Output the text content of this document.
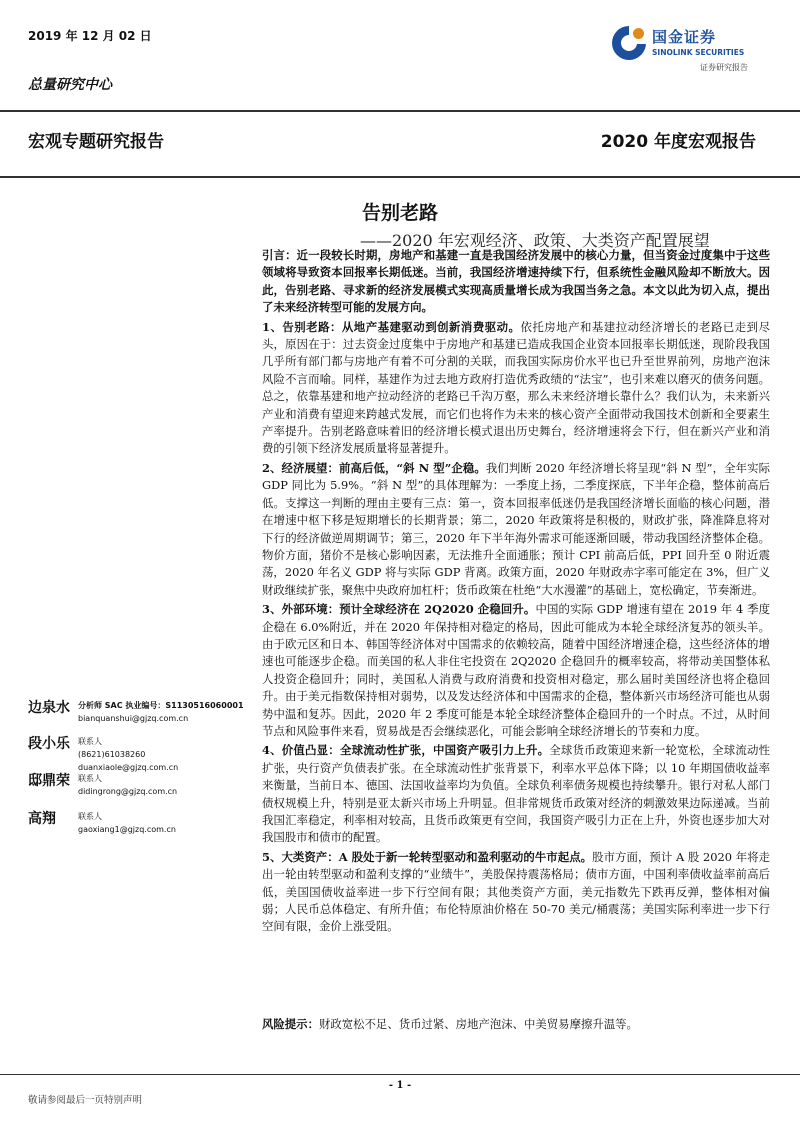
2019 年 12 月 02 日	国金证券
SINOLINK SECURITIES
证券研究报告
总量研究中心
宏观专题研究报告	2020 年度宏观报告
告别老路
——2020 年宏观经济、政策、大类资产配置展望

引言：近一段较长时期，房地产和基建一直是我国经济发展中的核心力量，但当资金过度集中于这些领域将导致资本回报率长期低迷。当前，我国经济增速持续下行，但系统性金融风险却不断放大。因此，告别老路、寻求新的经济发展模式实现高质量增长成为我国当务之急。本文以此为切入点，提出了未来经济转型可能的发展方向。

1、告别老路：从地产基建驱动到创新消费驱动。依托房地产和基建拉动经济增长的老路已走到尽头，原因在于：过去资金过度集中于房地产和基建已造成我国企业资本回报率长期低迷，现阶段我国几乎所有部门都与房地产有着不可分割的关联，而我国实际房价水平也已升至世界前列，房地产泡沫风险不言而喻。同样，基建作为过去地方政府打造优秀政绩的“法宝”，也引来难以磨灭的债务问题。总之，依靠基建和地产拉动经济的老路已千沟万壑，那么未来经济增长靠什么？我们认为，未来新兴产业和消费有望迎来跨越式发展，而它们也将作为未来的核心资产全面带动我国技术创新和全要素生产率提升。告别老路意味着旧的经济增长模式退出历史舞台，经济增速将会下行，但在新兴产业和消费的引领下经济发展质量将显著提升。

2、经济展望：前高后低，“斜 N 型”企稳。我们判断 2020 年经济增长将呈现“斜 N 型”，全年实际 GDP 同比为 5.9%。“斜 N 型”的具体理解为：一季度上扬，二季度探底，下半年企稳，整体前高后低。支撑这一判断的理由主要有三点：第一，资本回报率低迷仍是我国经济增长面临的核心问题，潜在增速中枢下移是短期增长的长期背景；第二，2020 年政策将是积极的，财政扩张，降准降息将对下行的经济做逆周期调节；第三，2020 年下半年海外需求可能逐渐回暖，带动我国经济整体企稳。物价方面，猪价不是核心影响因素，无法推升全面通胀；预计 CPI 前高后低，PPI 回升至 0 附近震荡，2020 年名义 GDP 将与实际 GDP 背离。政策方面，2020 年财政赤字率可能定在 3%，但广义财政继续扩张，聚焦中央政府加杠杆；货币政策在杜绝“大水漫灌”的基础上，宽松确定，节奏渐进。

3、外部环境：预计全球经济在 2Q2020 企稳回升。中国的实际 GDP 增速有望在 2019 年 4 季度企稳在 6.0%附近，并在 2020 年保持相对稳定的格局，因此可能成为本轮全球经济复苏的领头羊。由于欧元区和日本、韩国等经济体对中国需求的依赖较高，随着中国经济增速企稳，这些经济体的增速也可能逐步企稳。而美国的私人非住宅投资在 2Q2020 企稳回升的概率较高，将带动美国整体私人投资企稳回升；同时，美国私人消费与政府消费和投资相对稳定，那么届时美国经济也将企稳回升。由于美元指数保持相对弱势，以及发达经济体和中国需求的企稳，整体新兴市场经济可能也从弱势中温和复苏。因此，2020 年 2 季度可能是本轮全球经济整体企稳回升的一个时点。不过，从时间节点和风险事件来看，贸易战是否会继续恶化，可能会影响全球经济增长的节奏和力度。

4、价值凸显：全球流动性扩张，中国资产吸引力上升。全球货币政策迎来新一轮宽松，全球流动性扩张，央行资产负债表扩张。在全球流动性扩张背景下，利率水平总体下降；以 10 年期国债收益率来衡量，当前日本、德国、法国收益率均为负值。全球负利率债务规模也持续攀升。银行对私人部门债权规模上升，特别是亚太新兴市场上升明显。但非常规货币政策对经济的刺激效果边际递减。当前我国汇率稳定，利率相对较高，且货币政策更有空间，我国资产吸引力正在上升，外资也逐步加大对我国股市和债市的配置。

5、大类资产：A 股处于新一轮转型驱动和盈利驱动的牛市起点。股市方面，预计 A 股 2020 年将走出一轮由转型驱动和盈利支撑的“业绩牛”，美股保持震荡格局；债市方面，中国利率债收益率前高后低，美国国债收益率进一步下行空间有限；其他类资产方面，美元指数先下跌再反弹，整体相对偏弱；人民币总体稳定、有所升值；布伦特原油价格在 50-70 美元/桶震荡；美国实际利率进一步下行空间有限，金价上涨受阻。

风险提示：财政宽松不足、货币过紧、房地产泡沫、中美贸易摩擦升温等。
边泉水 分析师 SAC 执业编号：S1130516060001
bianquanshui@gjzq.com.cn
段小乐 联系人
(8621)61038260
duanxiaole@gjzq.com.cn
邸鼎荣 联系人
didingrong@gjzq.com.cn
高翔	联系人
gaoxiang1@gjzq.com.cn
- 1 -
敬请参阅最后一页特别声明
